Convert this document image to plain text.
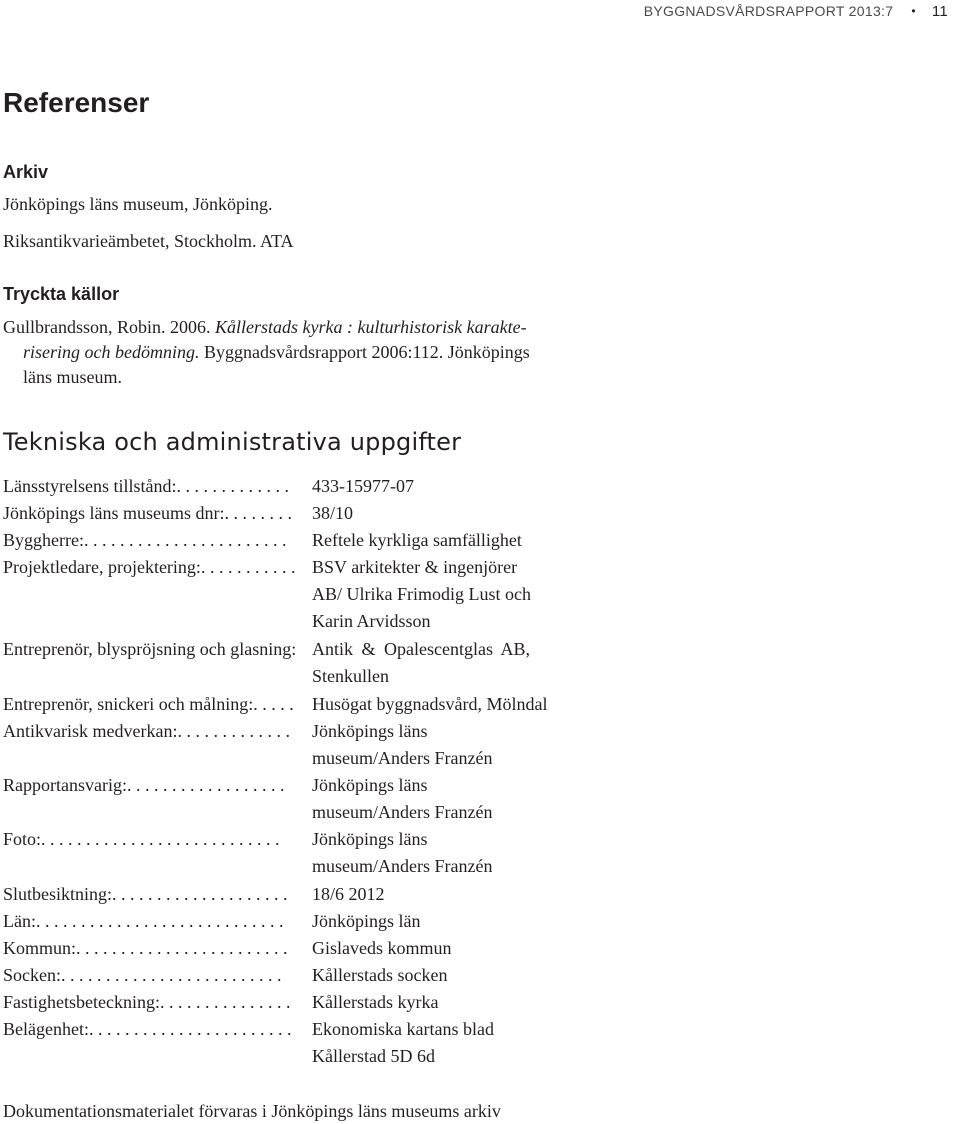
BYGGNADSVÅRDSRAPPORT 2013:7 • 11
Referenser
Arkiv

Jönköpings läns museum, Jönköping.

Riksantikvarieämbetet, Stockholm. ATA

Tryckta källor

Gullbrandsson, Robin. 2006. Kållerstads kyrka : kulturhistorisk karakte-

risering och bedömning. Byggnadsvårdsrapport 2006:112. Jönköpings

läns museum.

Tekniska och administrativa uppgifter
Länsstyrelsens tillstånd:. . . . . . . . . . . . .	433-15977-07
Jönköpings läns museums dnr:. . . . . . . .	38/10
Byggherre:. . . . . . . . . . . . . . . . . . . . . . .	Reftele kyrkliga samfällighet
Projektledare, projektering:. . . . . . . . . . . BSV arkitekter & ingenjörer AB/ Ulrika Frimodig Lust och Karin Arvidsson
Entreprenör, blyspröjsning och glasning: Antik & Opalescentglas AB, Stenkullen
Entreprenör, snickeri och målning:. . . . .	Husögat byggnadsvård, Mölndal
Antikvarisk medverkan:. . . . . . . . . . . . .	Jönköpings läns museum/Anders Franzén
Rapportansvarig:. . . . . . . . . . . . . . . . . .	Jönköpings läns museum/Anders Franzén
Foto:. . . . . . . . . . . . . . . . . . . . . . . . . . .	Jönköpings läns museum/Anders Franzén
Slutbesiktning:. . . . . . . . . . . . . . . . . . . .	18/6 2012
Län:. . . . . . . . . . . . . . . . . . . . . . . . . . . .	Jönköpings län
Kommun:. . . . . . . . . . . . . . . . . . . . . . . .	Gislaveds kommun
Socken:. . . . . . . . . . . . . . . . . . . . . . . . .	Kållerstads socken
Fastighetsbeteckning:. . . . . . . . . . . . . . .	Kållerstads kyrka
Belägenhet:. . . . . . . . . . . . . . . . . . . . . . .	Ekonomiska kartans blad Kållerstad 5D 6d

Dokumentationsmaterialet förvaras i Jönköpings läns museums arkiv
